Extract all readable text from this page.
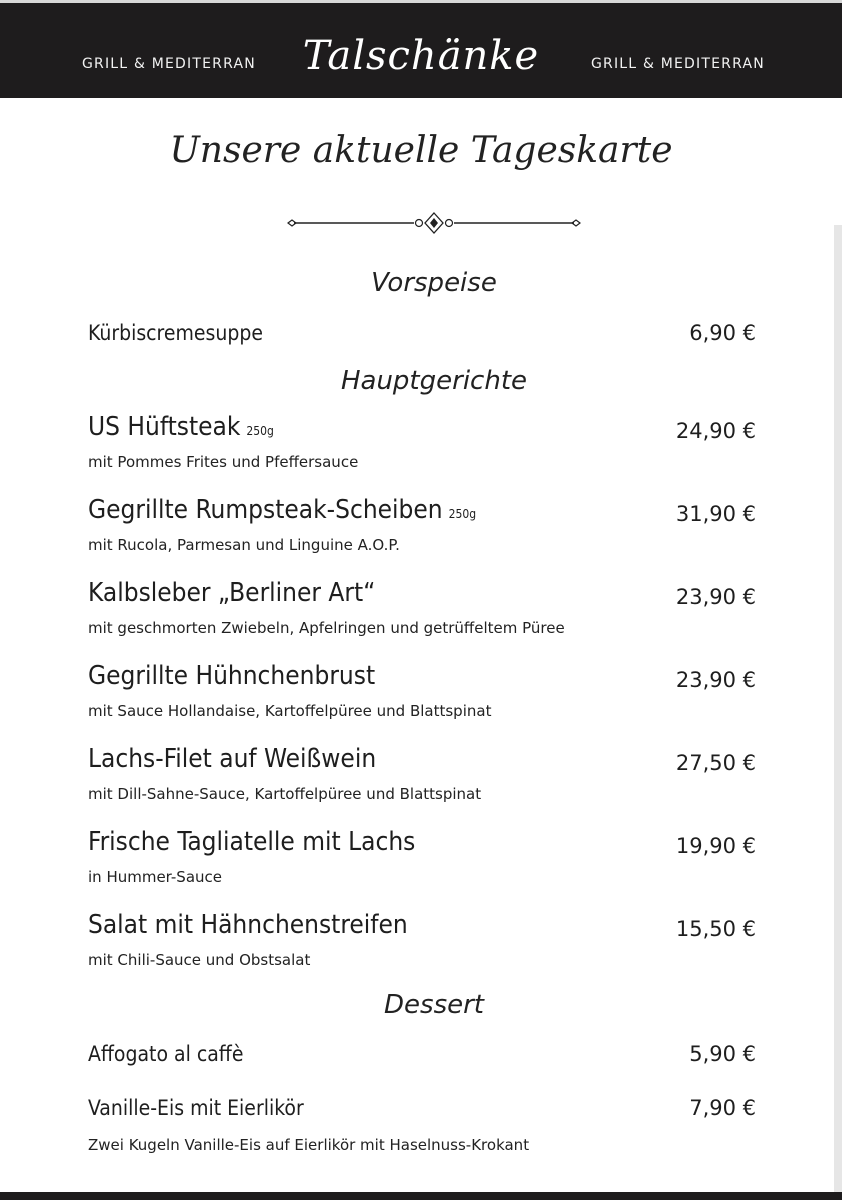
GRILL & MEDITERRAN	Talschänke	GRILL & MEDITERRAN
Unsere aktuelle Tageskarte
Vorspeise
Kürbiscremesuppe	6,90 €
Hauptgerichte
US Hüftsteak 250g	24,90 €
mit Pommes Frites und Pfeffersauce
Gegrillte Rumpsteak-Scheiben 250g	31,90 €
mit Rucola, Parmesan und Linguine A.O.P.
Kalbsleber „Berliner Art“	23,90 €
mit geschmorten Zwiebeln, Apfelringen und getrüffeltem Püree
Gegrillte Hühnchenbrust	23,90 €
mit Sauce Hollandaise, Kartoffelpüree und Blattspinat
Lachs-Filet auf Weißwein	27,50 €
mit Dill-Sahne-Sauce, Kartoffelpüree und Blattspinat
Frische Tagliatelle mit Lachs	19,90 €
in Hummer-Sauce
Salat mit Hähnchenstreifen	15,50 €
mit Chili-Sauce und Obstsalat
Dessert
Affogato al caffè	5,90 €
Vanille-Eis mit Eierlikör	7,90 €
Zwei Kugeln Vanille-Eis auf Eierlikör mit Haselnuss-Krokant
